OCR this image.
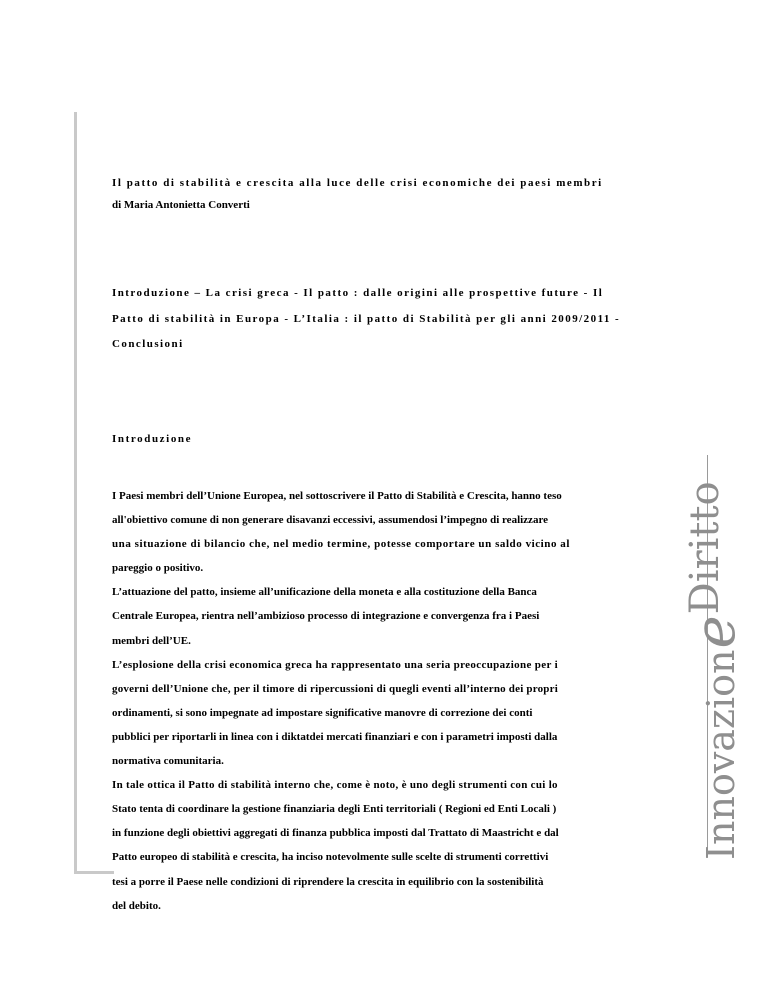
InnovazioneDiritto
Il patto di stabilità e crescita alla luce delle crisi economiche dei paesi membri
di Maria Antonietta Converti
Introduzione – La crisi greca - Il patto : dalle origini alle prospettive future - Il
Patto di stabilità in Europa - L’Italia : il patto di Stabilità per gli anni 2009/2011 -
Conclusioni
Introduzione
I Paesi membri dell’Unione Europea, nel sottoscrivere il Patto di Stabilità e Crescita, hanno teso
all'obiettivo comune di non generare disavanzi eccessivi, assumendosi l’impegno di realizzare
una situazione di bilancio che, nel medio termine, potesse comportare un saldo vicino al
pareggio o positivo.
L’attuazione del patto, insieme all’unificazione della moneta e alla costituzione della Banca
Centrale Europea, rientra nell’ambizioso processo di integrazione e convergenza fra i Paesi
membri dell’UE.
L’esplosione della crisi economica greca ha rappresentato una seria preoccupazione per i
governi dell’Unione che, per il timore di ripercussioni di quegli eventi all’interno dei propri
ordinamenti, si sono impegnate ad impostare significative manovre di correzione dei conti
pubblici per riportarli in linea con i diktatdei mercati finanziari e con i parametri imposti dalla
normativa comunitaria.
In tale ottica il Patto di stabilità interno che, come è noto, è uno degli strumenti con cui lo
Stato tenta di coordinare la gestione finanziaria degli Enti territoriali ( Regioni ed Enti Locali )
in funzione degli obiettivi aggregati di finanza pubblica imposti dal Trattato di Maastricht e dal
Patto europeo di stabilità e crescita, ha inciso notevolmente sulle scelte di strumenti correttivi
tesi a porre il Paese nelle condizioni di riprendere la crescita in equilibrio con la sostenibilità
del debito.
